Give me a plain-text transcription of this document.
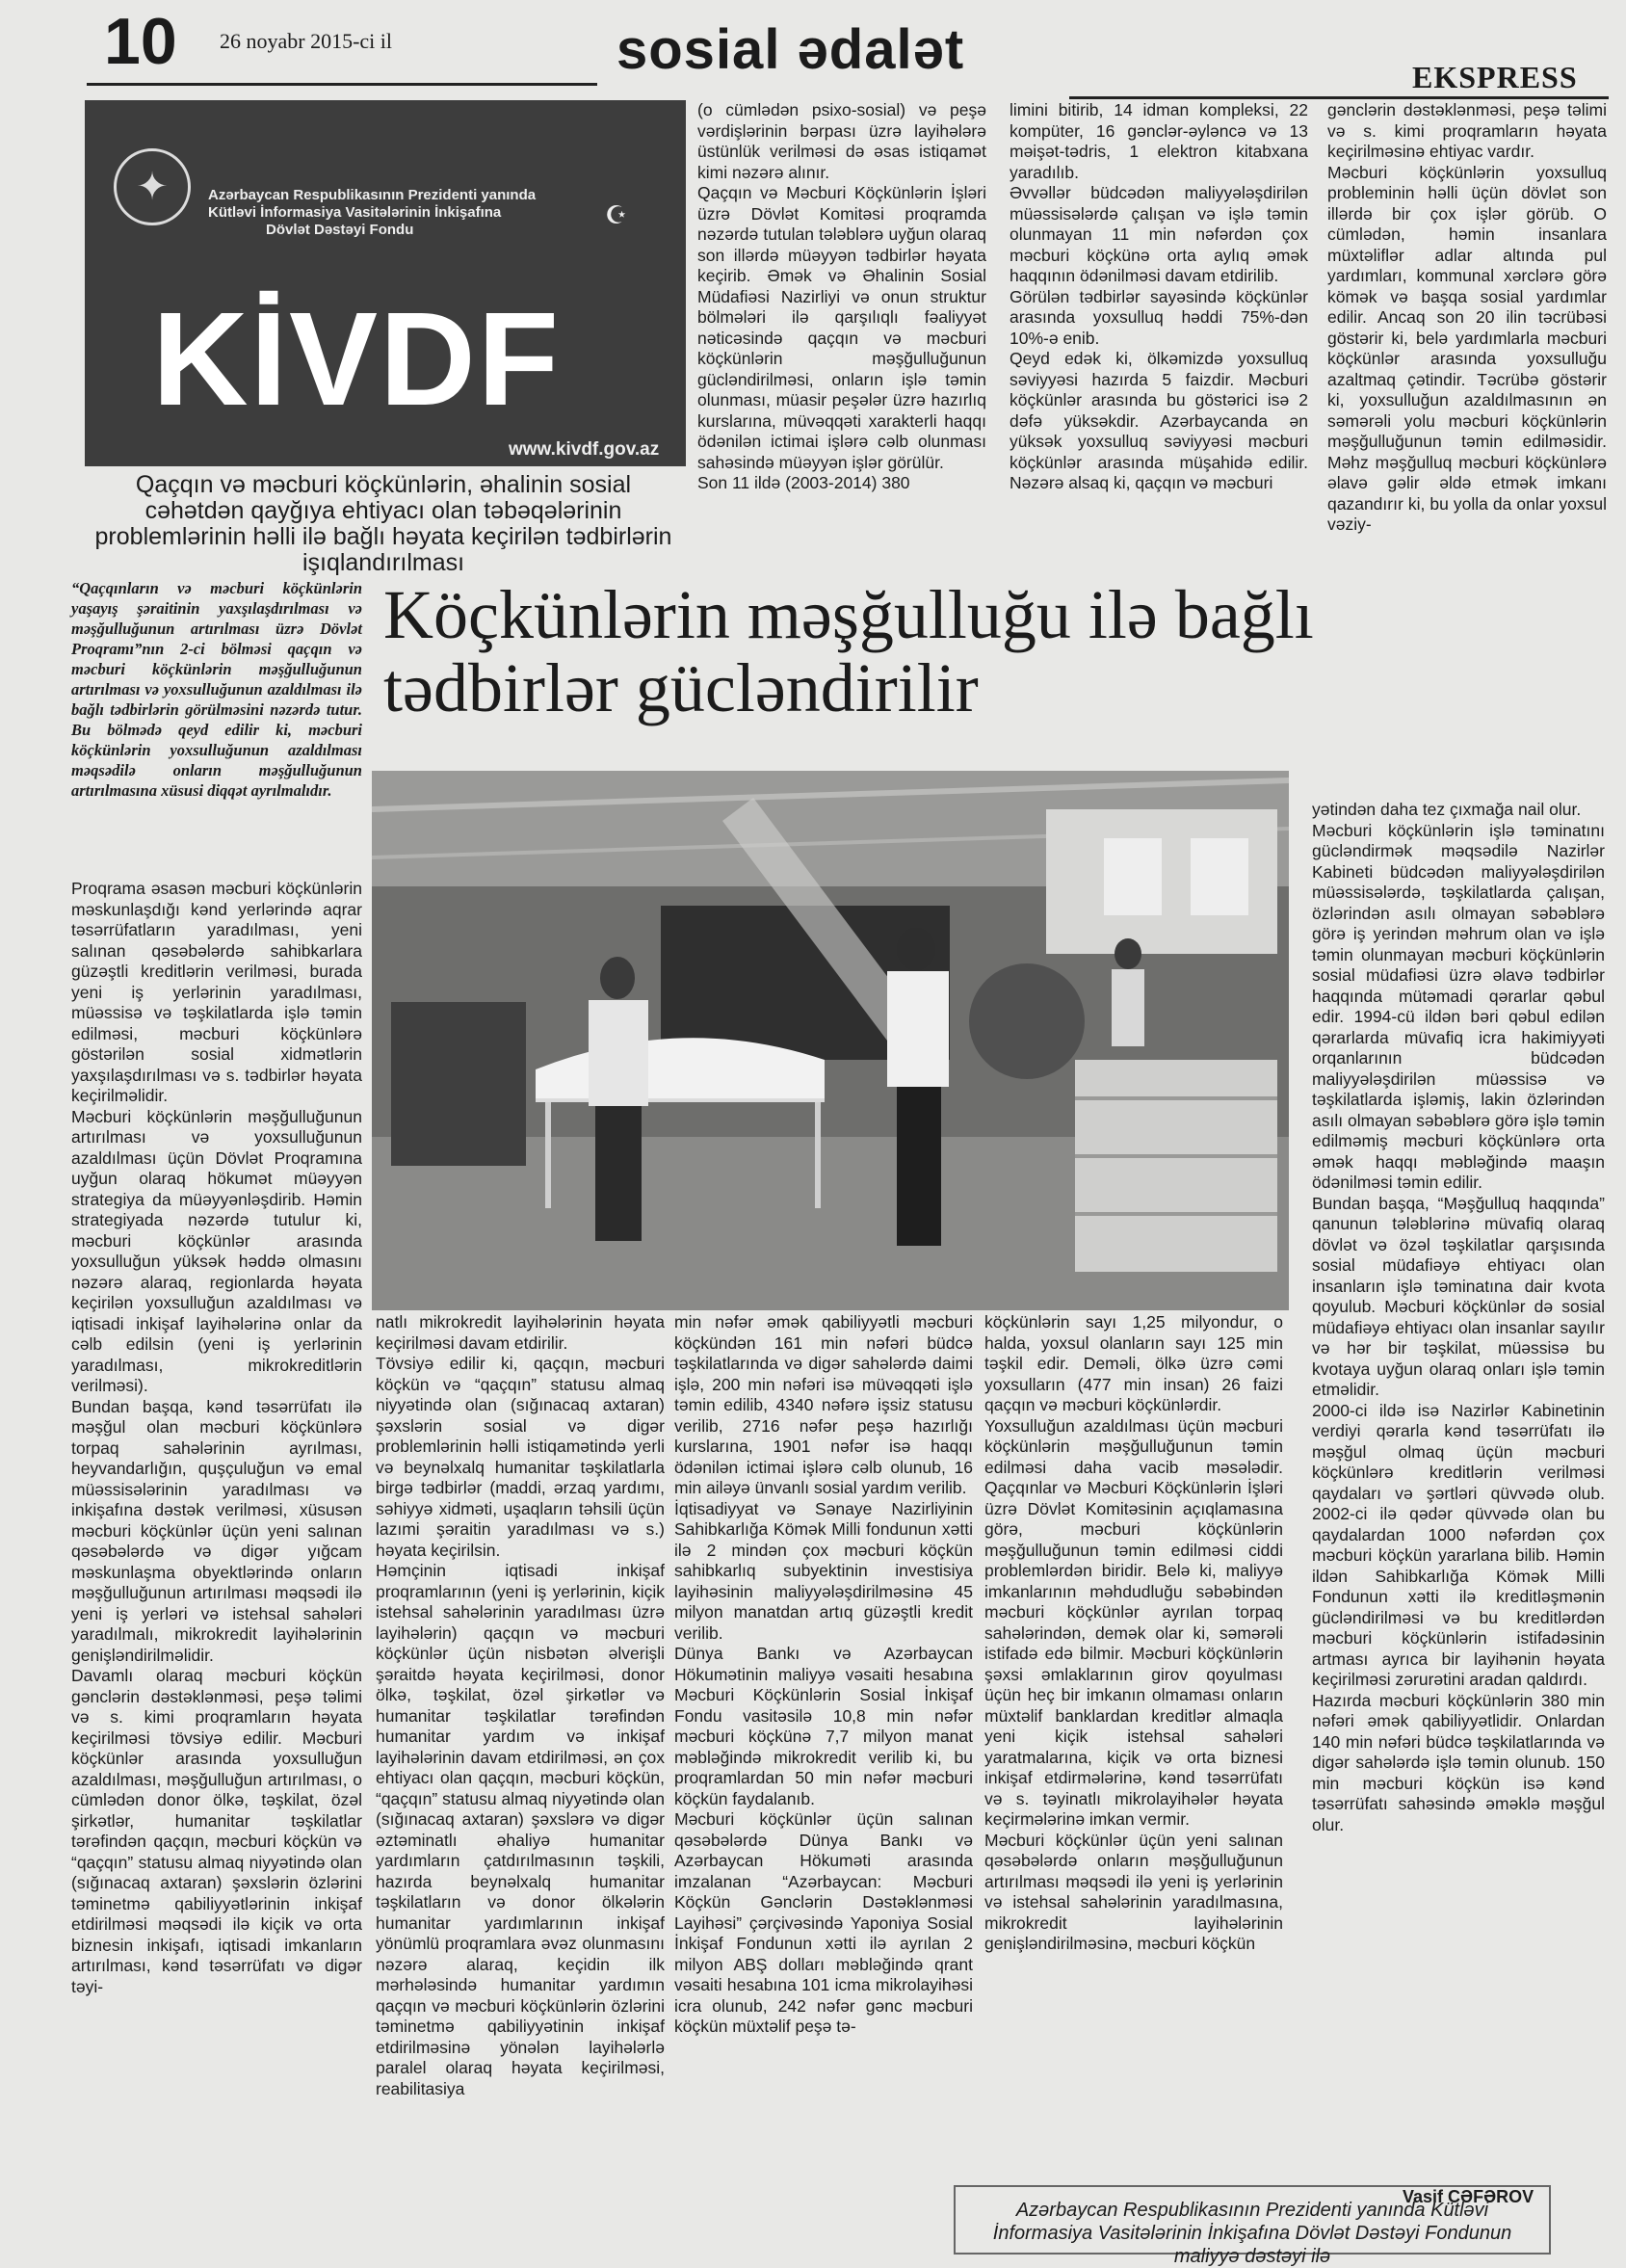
10 26 noyabr 2015-ci il	sosial ədalət	EKSPRESS
✦	Azərbaycan Respublikasının Prezidenti yanında
Kütləvi İnformasiya Vasitələrinin İnkişafına
Dövlət Dəstəyi Fondu
☪
KİVDF
www.kivdf.gov.az
Qaçqın və məcburi köçkünlərin, əhalinin sosial cəhətdən qayğıya ehtiyacı olan təbəqələrinin problemlərinin həlli ilə bağlı həyata keçirilən tədbirlərin işıqlandırılması
Köçkünlərin məşğulluğu ilə bağlı
tədbirlər gücləndirilir
“Qaçqınların və məcburi köçkünlərin yaşayış şəraitinin yaxşılaşdırılması və məşğulluğunun artırılması üzrə Dövlət Proqramı”nın 2-ci bölməsi qaçqın və məcburi köçkünlərin məşğulluğunun artırılması və yoxsulluğunun azaldılması ilə bağlı tədbirlərin görülməsini nəzərdə tutur. Bu bölmədə qeyd edilir ki, məcburi köçkünlərin yoxsulluğunun azaldılması məqsədilə onların məşğulluğunun artırılmasına xüsusi diqqət ayrılmalıdır.
Proqrama əsasən məcburi köçkünlərin məskunlaşdığı kənd yerlərində aqrar təsərrüfatların yaradılması, yeni salınan qəsəbələrdə sahibkarlara güzəştli kreditlərin verilməsi, burada yeni iş yerlərinin yaradılması, müəssisə və təşkilatlarda işlə təmin edilməsi, məcburi köçkünlərə göstərilən sosial xidmətlərin yaxşılaşdırılması və s. tədbirlər həyata keçirilməlidir.
Məcburi köçkünlərin məşğulluğunun artırılması və yoxsulluğunun azaldılması üçün Dövlət Proqramına uyğun olaraq hökumət müəyyən strategiya da müəyyənləşdirib. Həmin strategiyada nəzərdə tutulur ki, məcburi köçkünlər arasında yoxsulluğun yüksək həddə olmasını nəzərə alaraq, regionlarda həyata keçirilən yoxsulluğun azaldılması və iqtisadi inkişaf layihələrinə onlar da cəlb edilsin (yeni iş yerlərinin yaradılması, mikrokreditlərin verilməsi).
Bundan başqa, kənd təsərrüfatı ilə məşğul olan məcburi köçkünlərə torpaq sahələrinin ayrılması, heyvandarlığın, quşçuluğun və emal müəssisələrinin yaradılması və inkişafına dəstək verilməsi, xüsusən məcburi köçkünlər üçün yeni salınan qəsəbələrdə və digər yığcam məskunlaşma obyektlərində onların məşğulluğunun artırılması məqsədi ilə yeni iş yerləri və istehsal sahələri yaradılmalı, mikrokredit layihələrinin genişləndirilməlidir.
Davamlı olaraq məcburi köçkün gənclərin dəstəklənməsi, peşə təlimi və s. kimi proqramların həyata keçirilməsi tövsiyə edilir. Məcburi köçkünlər arasında yoxsulluğun azaldılması, məşğulluğun artırılması, o cümlədən donor ölkə, təşkilat, özəl şirkətlər, humanitar təşkilatlar tərəfindən qaçqın, məcburi köçkün və “qaçqın” statusu almaq niyyətində olan (sığınacaq axtaran) şəxslərin özlərini təminetmə qabiliyyətlərinin inkişaf etdirilməsi məqsədi ilə kiçik və orta biznesin inkişafı, iqtisadi imkanların artırılması, kənd təsərrüfatı və digər təyi-
(o cümlədən psixo-sosial) və peşə vərdişlərinin bərpası üzrə layihələrə üstünlük verilməsi də əsas istiqamət kimi nəzərə alınır.
Qaçqın və Məcburi Köçkünlərin İşləri üzrə Dövlət Komitəsi proqramda nəzərdə tutulan tələblərə uyğun olaraq son illərdə müəyyən tədbirlər həyata keçirib. Əmək və Əhalinin Sosial Müdafiəsi Nazirliyi və onun struktur bölmələri ilə qarşılıqlı fəaliyyət nəticəsində qaçqın və məcburi köçkünlərin məşğulluğunun gücləndirilməsi, onların işlə təmin olunması, müasir peşələr üzrə hazırlıq kurslarına, müvəqqəti xarakterli haqqı ödənilən ictimai işlərə cəlb olunması sahəsində müəyyən işlər görülür.
Son 11 ildə (2003-2014) 380
limini bitirib, 14 idman kompleksi, 22 kompüter, 16 gənclər-əyləncə və 13 məişət-tədris, 1 elektron kitabxana yaradılıb.
Əvvəllər büdcədən maliyyələşdirilən müəssisələrdə çalışan və işlə təmin olunmayan 11 min nəfərdən çox məcburi köçkünə orta aylıq əmək haqqının ödənilməsi davam etdirilib.
Görülən tədbirlər sayəsində köçkünlər arasında yoxsulluq həddi 75%-dən 10%-ə enib.
Qeyd edək ki, ölkəmizdə yoxsulluq səviyyəsi hazırda 5 faizdir. Məcburi köçkünlər arasında bu göstərici isə 2 dəfə yüksəkdir. Azərbaycanda ən yüksək yoxsulluq səviyyəsi məcburi köçkünlər arasında müşahidə edilir. Nəzərə alsaq ki, qaçqın və məcburi
gənclərin dəstəklənməsi, peşə təlimi və s. kimi proqramların həyata keçirilməsinə ehtiyac vardır.
Məcburi köçkünlərin yoxsulluq probleminin həlli üçün dövlət son illərdə bir çox işlər görüb. O cümlədən, həmin insanlara müxtəliflər adlar altında pul yardımları, kommunal xərclərə görə kömək və başqa sosial yardımlar edilir. Ancaq son 20 ilin təcrübəsi göstərir ki, belə yardımlarla məcburi köçkünlər arasında yoxsulluğu azaltmaq çətindir. Təcrübə göstərir ki, yoxsulluğun azaldılmasının ən səmərəli yolu məcburi köçkünlərin məşğulluğunun təmin edilməsidir. Məhz məşğulluq məcburi köçkünlərə əlavə gəlir əldə etmək imkanı qazandırır ki, bu yolla da onlar yoxsul vəziy-
yətindən daha tez çıxmağa nail olur.
Məcburi köçkünlərin işlə təminatını gücləndirmək məqsədilə Nazirlər Kabineti büdcədən maliyyələşdirilən müəssisələrdə, təşkilatlarda çalışan, özlərindən asılı olmayan səbəblərə görə iş yerindən məhrum olan və işlə təmin olunmayan məcburi köçkünlərin sosial müdafiəsi üzrə əlavə tədbirlər haqqında mütəmadi qərarlar qəbul edir. 1994-cü ildən bəri qəbul edilən qərarlarda müvafiq icra hakimiyyəti orqanlarının büdcədən maliyyələşdirilən müəssisə və təşkilatlarda işləmiş, lakin özlərindən asılı olmayan səbəblərə görə işlə təmin edilməmiş məcburi köçkünlərə orta əmək haqqı məbləğində maaşın ödənilməsi təmin edilir.
Bundan başqa, “Məşğulluq haqqında” qanunun tələblərinə müvafiq olaraq dövlət və özəl təşkilatlar qarşısında sosial müdafiəyə ehtiyacı olan insanların işlə təminatına dair kvota qoyulub. Məcburi köçkünlər də sosial müdafiəyə ehtiyacı olan insanlar sayılır və hər bir təşkilat, müəssisə bu kvotaya uyğun olaraq onları işlə təmin etməlidir.
2000-ci ildə isə Nazirlər Kabinetinin verdiyi qərarla kənd təsərrüfatı ilə məşğul olmaq üçün məcburi köçkünlərə kreditlərin verilməsi qaydaları və şərtləri qüvvədə olub. 2002-ci ilə qədər qüvvədə olan bu qaydalardan 1000 nəfərdən çox məcburi köçkün yararlana bilib. Həmin ildən Sahibkarlığa Kömək Milli Fondunun xətti ilə kreditləşmənin gücləndirilməsi və bu kreditlərdən məcburi köçkünlərin istifadəsinin artması ayrıca bir layihənin həyata keçirilməsi zərurətini aradan qaldırdı.
Hazırda məcburi köçkünlərin 380 min nəfəri əmək qabiliyyətlidir. Onlardan 140 min nəfəri büdcə təşkilatlarında və digər sahələrdə işlə təmin olunub. 150 min məcburi köçkün isə kənd təsərrüfatı sahəsində əməklə məşğul olur.
natlı mikrokredit layihələrinin həyata keçirilməsi davam etdirilir.
Tövsiyə edilir ki, qaçqın, məcburi köçkün və “qaçqın” statusu almaq niyyətində olan (sığınacaq axtaran) şəxslərin sosial və digər problemlərinin həlli istiqamətində yerli və beynəlxalq humanitar təşkilatlarla birgə tədbirlər (maddi, ərzaq yardımı, səhiyyə xidməti, uşaqların təhsili üçün lazımi şəraitin yaradılması və s.) həyata keçirilsin.
Həmçinin iqtisadi inkişaf proqramlarının (yeni iş yerlərinin, kiçik istehsal sahələrinin yaradılması üzrə layihələrin) qaçqın və məcburi köçkünlər üçün nisbətən əlverişli şəraitdə həyata keçirilməsi, donor ölkə, təşkilat, özəl şirkətlər və humanitar təşkilatlar tərəfindən humanitar yardım və inkişaf layihələrinin davam etdirilməsi, ən çox ehtiyacı olan qaçqın, məcburi köçkün, “qaçqın” statusu almaq niyyətində olan (sığınacaq axtaran) şəxslərə və digər əztəminatlı əhaliyə humanitar yardımların çatdırılmasının təşkili, hazırda beynəlxalq humanitar təşkilatların və donor ölkələrin humanitar yardımlarının inkişaf yönümlü proqramlara əvəz olunmasını nəzərə alaraq, keçidin ilk mərhələsində humanitar yardımın qaçqın və məcburi köçkünlərin özlərini təminetmə qabiliyyətinin inkişaf etdirilməsinə yönələn layihələrlə paralel olaraq həyata keçirilməsi, reabilitasiya
min nəfər əmək qabiliyyətli məcburi köçkündən 161 min nəfəri büdcə təşkilatlarında və digər sahələrdə daimi işlə, 200 min nəfəri isə müvəqqəti işlə təmin edilib, 4340 nəfərə işsiz statusu verilib, 2716 nəfər peşə hazırlığı kurslarına, 1901 nəfər isə haqqı ödənilən ictimai işlərə cəlb olunub, 16 min ailəyə ünvanlı sosial yardım verilib.
İqtisadiyyat və Sənaye Nazirliyinin Sahibkarlığa Kömək Milli fondunun xətti ilə 2 mindən çox məcburi köçkün sahibkarlıq subyektinin investisiya layihəsinin maliyyələşdirilməsinə 45 milyon manatdan artıq güzəştli kredit verilib.
Dünya Bankı və Azərbaycan Hökumətinin maliyyə vəsaiti hesabına Məcburi Köçkünlərin Sosial İnkişaf Fondu vasitəsilə 10,8 min nəfər məcburi köçkünə 7,7 milyon manat məbləğində mikrokredit verilib ki, bu proqramlardan 50 min nəfər məcburi köçkün faydalanıb.
Məcburi köçkünlər üçün salınan qəsəbələrdə Dünya Bankı və Azərbaycan Hökuməti arasında imzalanan “Azərbaycan: Məcburi Köçkün Gənclərin Dəstəklənməsi Layihəsi” çərçivəsində Yaponiya Sosial İnkişaf Fondunun xətti ilə ayrılan 2 milyon ABŞ dolları məbləğində qrant vəsaiti hesabına 101 icma mikrolayihəsi icra olunub, 242 nəfər gənc məcburi köçkün müxtəlif peşə tə-
köçkünlərin sayı 1,25 milyondur, o halda, yoxsul olanların sayı 125 min təşkil edir. Deməli, ölkə üzrə cəmi yoxsulların (477 min insan) 26 faizi qaçqın və məcburi köçkünlərdir.
Yoxsulluğun azaldılması üçün məcburi köçkünlərin məşğulluğunun təmin edilməsi daha vacib məsələdir. Qaçqınlar və Məcburi Köçkünlərin İşləri üzrə Dövlət Komitəsinin açıqlamasına görə, məcburi köçkünlərin məşğulluğunun təmin edilməsi ciddi problemlərdən biridir. Belə ki, maliyyə imkanlarının məhdudluğu səbəbindən məcburi köçkünlər ayrılan torpaq sahələrindən, demək olar ki, səmərəli istifadə edə bilmir. Məcburi köçkünlərin şəxsi əmlaklarının girov qoyulması üçün heç bir imkanın olmaması onların müxtəlif banklardan kreditlər almaqla yeni kiçik istehsal sahələri yaratmalarına, kiçik və orta biznesi inkişaf etdirmələrinə, kənd təsərrüfatı və s. təyinatlı mikrolayihələr həyata keçirmələrinə imkan vermir.
Məcburi köçkünlər üçün yeni salınan qəsəbələrdə onların məşğulluğunun artırılması məqsədi ilə yeni iş yerlərinin və istehsal sahələrinin yaradılmasına, mikrokredit layihələrinin genişləndirilməsinə, məcburi köçkün
Vasif CƏFƏROV
Azərbaycan Respublikasının Prezidenti yanında Kütləvi İnformasiya Vasitələrinin İnkişafına Dövlət Dəstəyi Fondunun maliyyə dəstəyi ilə
